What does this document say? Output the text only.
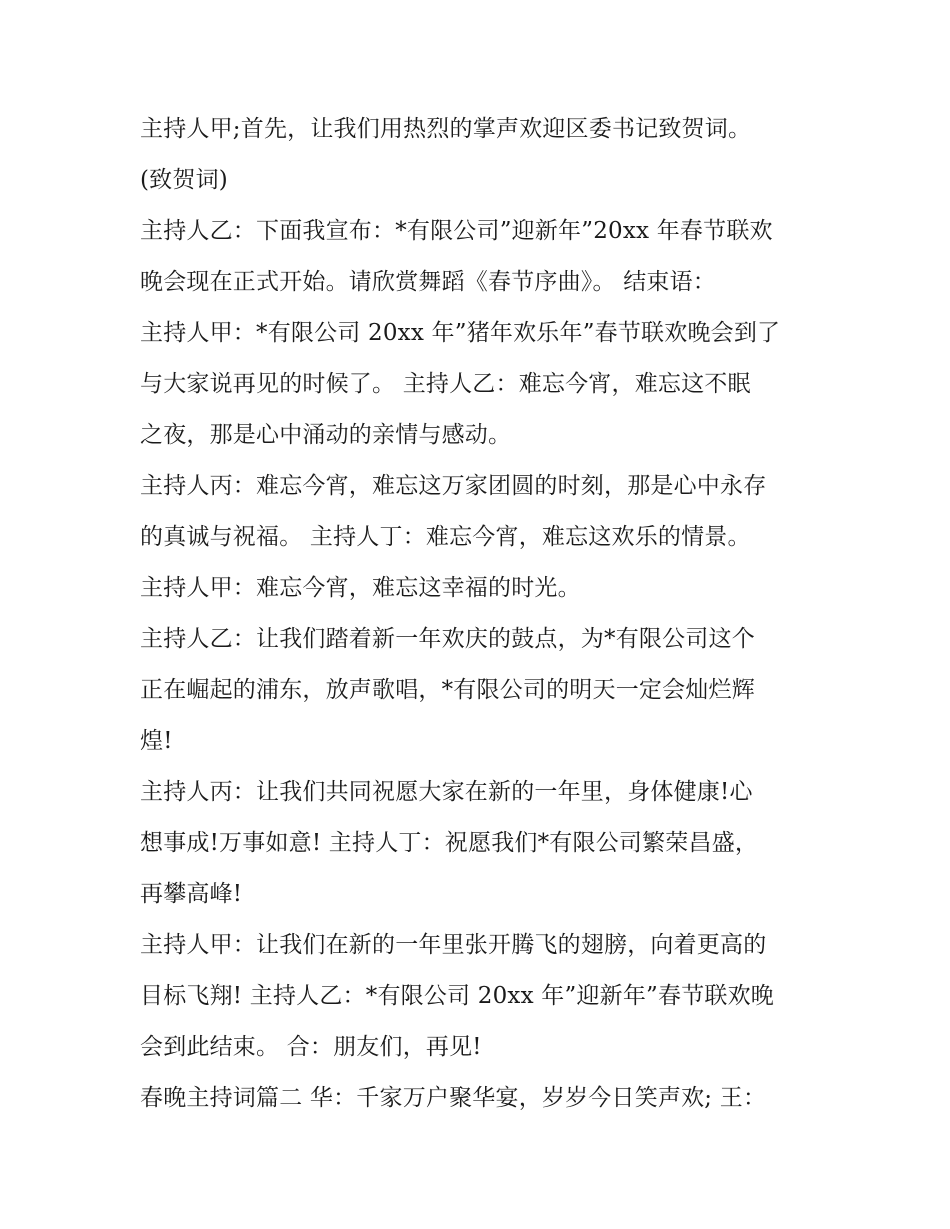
主持人甲;首先，让我们用热烈的掌声欢迎区委书记致贺词。
(致贺词)
主持人乙：下面我宣布：*有限公司”迎新年”20xx 年春节联欢
晚会现在正式开始。请欣赏舞蹈《春节序曲》。 结束语：
主持人甲：*有限公司 20xx 年”猪年欢乐年”春节联欢晚会到了
与大家说再见的时候了。 主持人乙：难忘今宵，难忘这不眠
之夜，那是心中涌动的亲情与感动。
主持人丙：难忘今宵，难忘这万家团圆的时刻，那是心中永存
的真诚与祝福。 主持人丁：难忘今宵，难忘这欢乐的情景。
主持人甲：难忘今宵，难忘这幸福的时光。
主持人乙：让我们踏着新一年欢庆的鼓点，为*有限公司这个
正在崛起的浦东，放声歌唱，*有限公司的明天一定会灿烂辉
煌!
主持人丙：让我们共同祝愿大家在新的一年里，身体健康!心
想事成!万事如意! 主持人丁：祝愿我们*有限公司繁荣昌盛，
再攀高峰!
主持人甲：让我们在新的一年里张开腾飞的翅膀，向着更高的
目标飞翔! 主持人乙：*有限公司 20xx 年”迎新年”春节联欢晚
会到此结束。 合：朋友们，再见!
春晚主持词篇二 华：千家万户聚华宴，岁岁今日笑声欢; 王：
